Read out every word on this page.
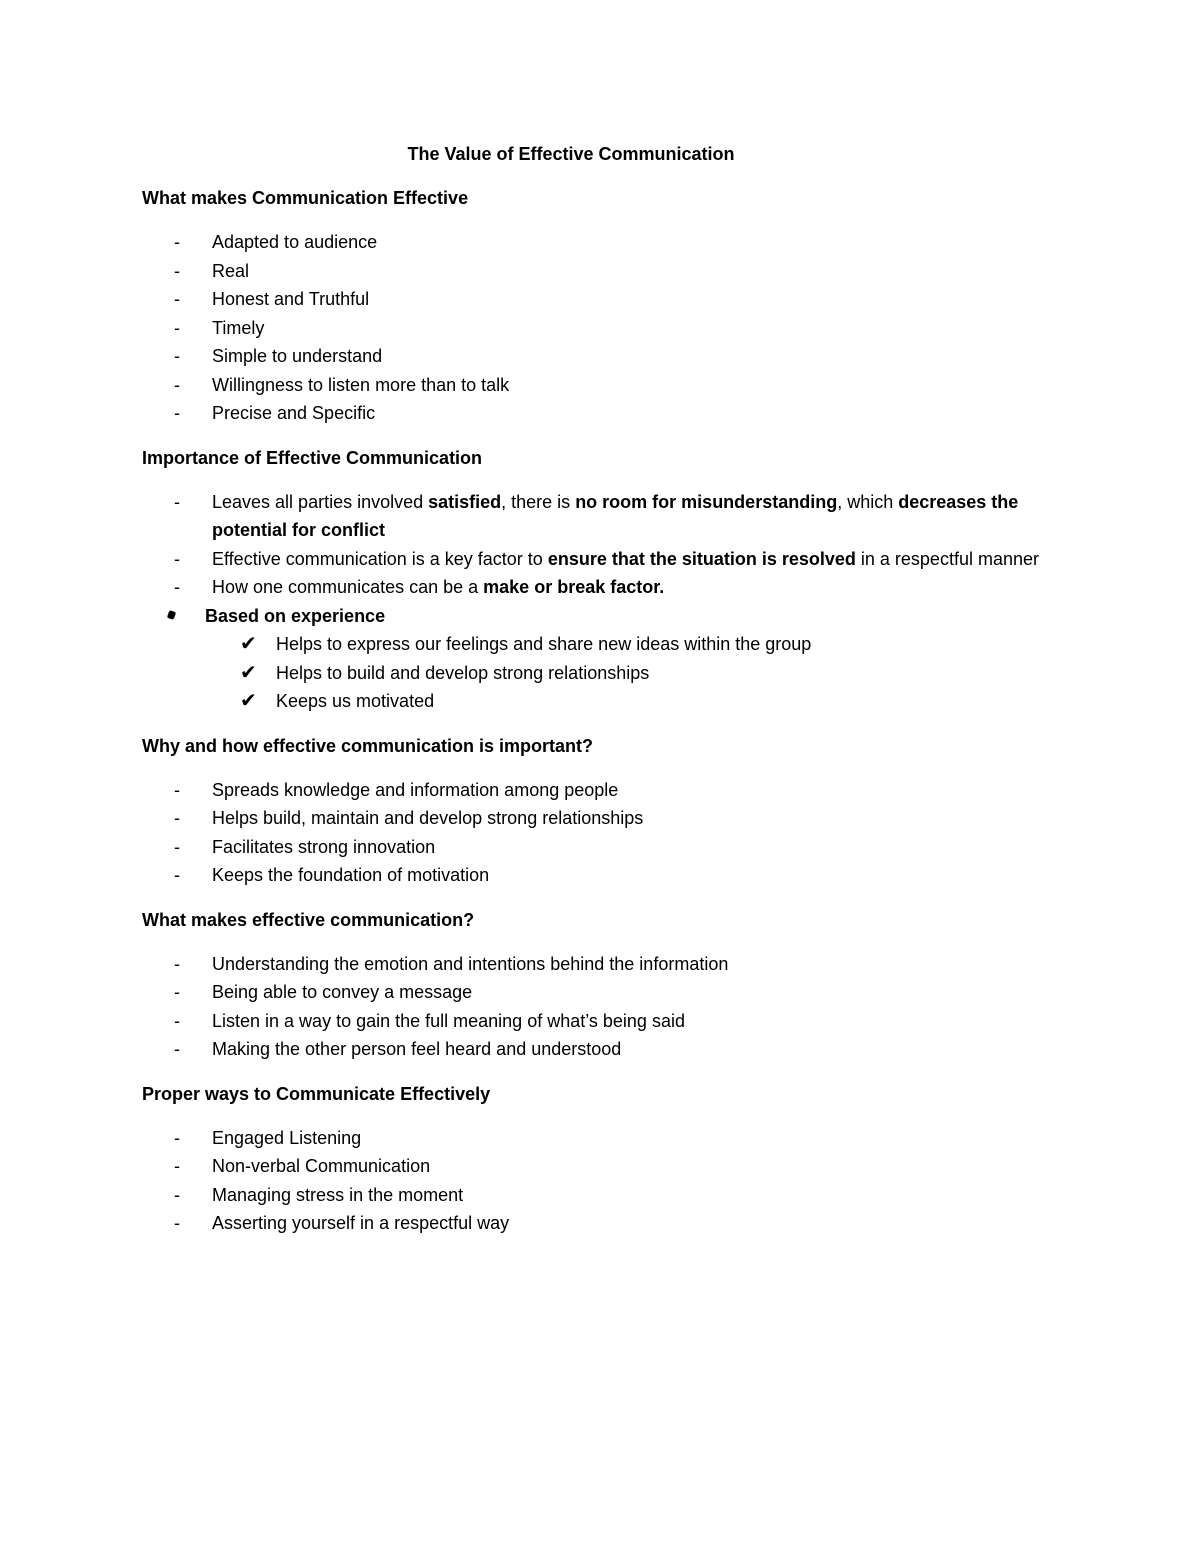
The Value of Effective Communication
What makes Communication Effective
- Adapted to audience
- Real
- Honest and Truthful
- Timely
- Simple to understand
- Willingness to listen more than to talk
- Precise and Specific
Importance of Effective Communication
- Leaves all parties involved satisfied, there is no room for misunderstanding, which decreases the potential for conflict
- Effective communication is a key factor to ensure that the situation is resolved in a respectful manner
- How one communicates can be a make or break factor.
Based on experience
✔ Helps to express our feelings and share new ideas within the group
✔ Helps to build and develop strong relationships
✔ Keeps us motivated
Why and how effective communication is important?
- Spreads knowledge and information among people
- Helps build, maintain and develop strong relationships
- Facilitates strong innovation
- Keeps the foundation of motivation
What makes effective communication?
- Understanding the emotion and intentions behind the information
- Being able to convey a message
- Listen in a way to gain the full meaning of what’s being said
- Making the other person feel heard and understood
Proper ways to Communicate Effectively
- Engaged Listening
- Non-verbal Communication
- Managing stress in the moment
- Asserting yourself in a respectful way
